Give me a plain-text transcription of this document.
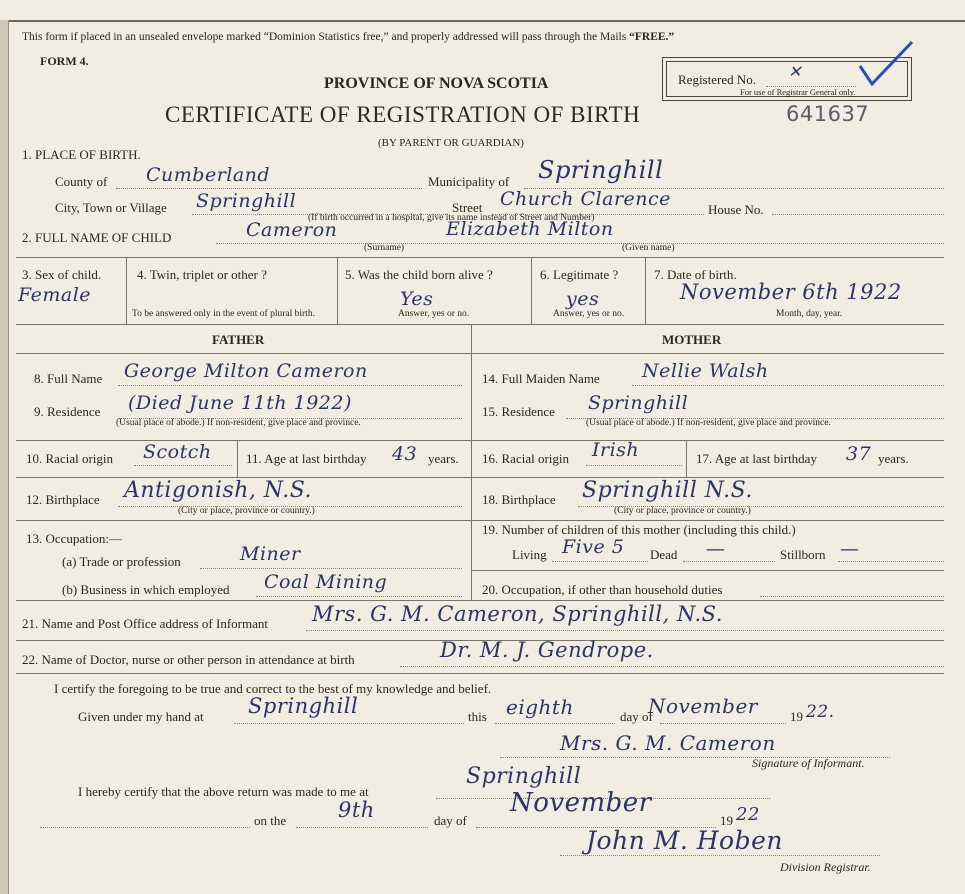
This form if placed in an unsealed envelope marked “Dominion Statistics free,” and properly addressed will pass through the Mails “FREE.”
FORM 4.
PROVINCE OF NOVA SCOTIA
CERTIFICATE OF REGISTRATION OF BIRTH
(BY PARENT OR GUARDIAN)
Registered No.
For use of Registrar General only.
✕
641637
1. PLACE OF BIRTH.
County of Cumberland	Municipality of Springhill
City, Town or Village Springhill	Street Church Clarence	House No.
(If birth occurred in a hospital, give its name instead of Street and Number)
2. FULL NAME OF CHILD	Cameron
(Surname)
Elizabeth Milton
(Given name)
3. Sex of child.
Female
4. Twin, triplet or other ?
To be answered only in the event of plural birth.
5. Was the child born alive ?
Yes
Answer, yes or no.
6. Legitimate ?
yes
Answer, yes or no.
7. Date of birth.
November 6th 1922
Month, day, year.
FATHER	MOTHER
8. Full Name George Milton Cameron
9. Residence (Died June 11th 1922)
(Usual place of abode.) If non-resident, give place and province.
10. Racial origin Scotch	11. Age at last birthday 43 years.
12. Birthplace Antigonish, N.S.
(City or place, province or country.)
13. Occupation:—
(a) Trade or profession	Miner
(b) Business in which employed Coal Mining
14. Full Maiden Name Nellie Walsh
15. Residence Springhill
(Usual place of abode.) If non-resident, give place and province.
16. Racial origin Irish	17. Age at last birthday 37 years.
18. Birthplace Springhill N.S.
(City or place, province or country.)
19. Number of children of this mother (including this child.)
Living Five 5 Dead —	Stillborn —
20. Occupation, if other than household duties
21. Name and Post Office address of Informant Mrs. G. M. Cameron, Springhill, N.S.
22. Name of Doctor, nurse or other person in attendance at birth	Dr. M. J. Gendrope.
I certify the foregoing to be true and correct to the best of my knowledge and belief.
Given under my hand at Springhill	this eighth	day of
November 19 22.
Mrs. G. M. Cameron
Signature of Informant.
I hereby certify that the above return was made to me at
Springhill
on the 9th	day of
November
19 22
John M. Hoben
Division Registrar.
